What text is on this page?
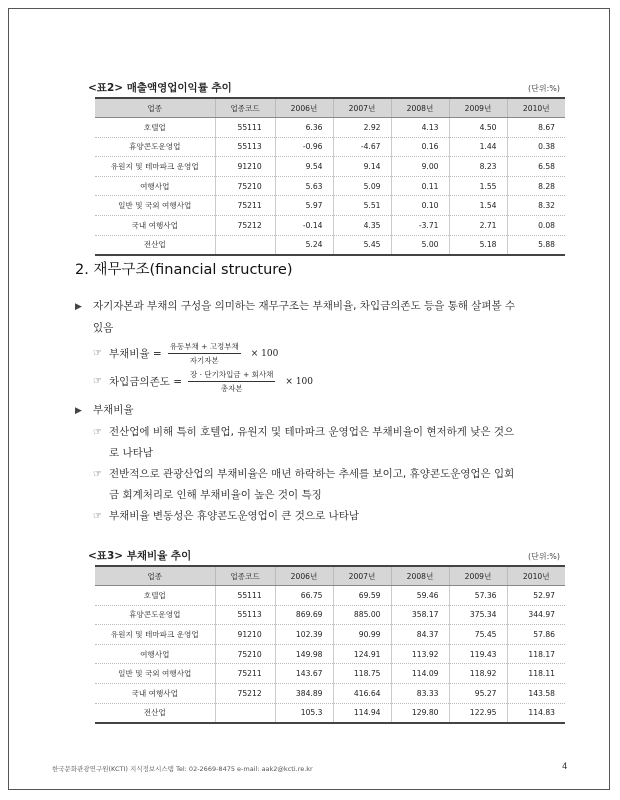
<표2> 매출액영업이익률 추이	(단위:%)
업종	업종코드	2006년	2007년	2008년	2009년	2010년
호텔업	55111	6.36	2.92	4.13	4.50	8.67
휴양콘도운영업	55113	-0.96	-4.67	0.16	1.44	0.38
유원지 및 테마파크 운영업	91210	9.54	9.14	9.00	8.23	6.58
여행사업	75210	5.63	5.09	0.11	1.55	8.28
일반 및 국외 여행사업	75211	5.97	5.51	0.10	1.54	8.32
국내 여행사업	75212	-0.14	4.35	-3.71	2.71	0.08
전산업		5.24	5.45	5.00	5.18	5.88
2. 재무구조(financial structure)
▶ 자기자본과 부채의 구성을 의미하는 재무구조는 부채비율, 차입금의존도 등을 통해 살펴볼 수
있음
☞ 부채비율 = $\frac{\text{유동부채 + 고정부채}}{\text{자기자본}} \times 100$
☞ 차입금의존도 = $\frac{\text{장 · 단기차입금 + 회사채}}{\text{총자본}} \times 100$
▶ 부채비율
☞ 전산업에 비해 특히 호텔업, 유원지 및 테마파크 운영업은 부채비율이 현저하게 낮은 것으
로 나타남
☞ 전반적으로 관광산업의 부채비율은 매년 하락하는 추세를 보이고, 휴양콘도운영업은 입회
금 회계처리로 인해 부채비율이 높은 것이 특징
☞ 부채비율 변동성은 휴양콘도운영업이 큰 것으로 나타남
<표3> 부채비율 추이	(단위:%)
업종	업종코드	2006년	2007년	2008년	2009년	2010년
호텔업	55111	66.75	69.59	59.46	57.36	52.97
휴양콘도운영업	55113	869.69	885.00	358.17	375.34	344.97
유원지 및 테마파크 운영업	91210	102.39	90.99	84.37	75.45	57.86
여행사업	75210	149.98	124.91	113.92	119.43	118.17
일반 및 국외 여행사업	75211	143.67	118.75	114.09	118.92	118.11
국내 여행사업	75212	384.89	416.64	83.33	95.27	143.58
전산업		105.3	114.94	129.80	122.95	114.83
한국문화관광연구원(KCTI) 지식정보시스템 Tel: 02-2669-8475 e-mail: aak2@kcti.re.kr	4
